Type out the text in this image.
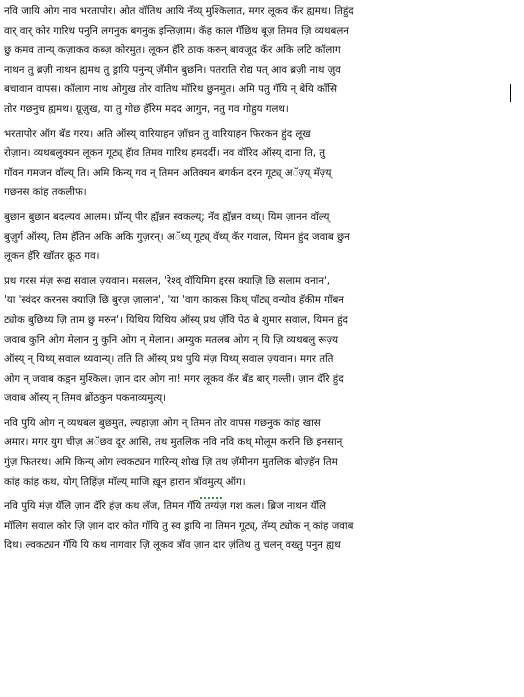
नवि जायि ओग नाव भरतापोर। ओत वॉतिथ आयि नॅव्य् मुश्किलात, मगर लूकव कॅर ह्यमथ। तिहुंद
वार् वार् कोर गारिथ पनुनि लगनुक बगनुक इन्तिज़ाम। कॅह काल गॅछिथ बूज़ तिमव ज़ि व्यथबलन
छु कमव तान्य् कज़ाकव कब्ज़ कोरमुत। लूकन हॅरि ठाक करुन् बावजूद कॅर अकि लटि कॉलाग
नाथन तु ब्रज़ी नाथन ह्यमथ तु ड्रायि पनुन्य् ज़ॅमीन बुछनि। पतराति रोद्य पत् आव ब्रज़ी नाथ ज़ुव
बचावान वापस। कॉलाग नाथ ओगुख तोर वातिथ मॉरिथ छुनमुत। अमि पतु गॅयि न् बेयि काँसि
तोर गछनुच ह्यमथ। ग्रूज़ुख, या तु गोछ हॅरिम मदद आगुन, नतु गव गोहुय गलथ।
भरतापोर ऑग बॅड गरय। अति ऑस्य् वारियाहन ज़ॉच़न तु वारियाहन फिरकन हुंद लूख
रोज़ान। व्यथबलुक्यन लूकन गूट्य् हॅाव तिमव गारिथ हमदर्दी। नव वॉरिद ऑस्य् दाना ति, तु
गॉवन गमजन वॉल्य् ति। अमि किन्य् गव न् तिमन अतिक्यन बगर्कन दरन गूट्य् अॅज़्य् मॅज़्य्
गछनस कांह तकलीफ।
बुछान बुछान बदल्यव आलम। प्रॉन्य् पीर ह्यॅन्नन स्वकल्य्; नॅव ह्यॅन्नन वथ्य्। यिम ज़ानन वॉल्य्
बुज़ुर्ग ऑस्य्, तिम हॅतिन अकि अकि गुज़रन्। अॅथ्य् गूट्य् वॅथ्य् कॅर गवाल, यिमन हुंद जवाब छुन
लूकन हॅरि खॉतर क्रूठ गव।
प्रथ गरस मंज़ रूद्य सवाल ज़्यवान। मसलन, 'रेश्व् वॉयिमिग द्दरस क्याज़ि छि सलाम वनान',
'या 'स्वंदर करनस क्याज़ि छि बुरज़ ज़ालान', 'या 'वाग काकस किथ् पॉट्य् वन्योव हॅकीम गॉबन
ट्योक बुछिथ्य ज़ि ताम छु मरुन'। यिथिय यिथिय ऑस्य् प्रथ ज़ॅवि पेठ बे शुमार सवाल, यिमन हुंद
जवाब कुनि ओग मेलान नु कुनि ओग न् मेलान। अम्युक मतलब ओग न् यि ज़ि व्यथबलु रूज़्य
ऑस्य् न् यिथ्य् सवाल थ्यवान्य्। तति ति ऑस्य् प्रथ पुयि मंज़ यिथ्य् सवाल ज़्यवान। मगर तति
ओग न् जवाब कड़्न मुश्किल। ज़ान दार ओग ना! मगर लूकव कॅर बॅड बार् गल्ती। ज़ान दॅरि हुंद
जवाब ऑस्य् न् तिमव ब्रोंठकुन पकनाव्यमुत्य्।
नवि पुयि ओग न् व्यथबल बुछमुत, ल्यहाज़ा ओग न् तिमन तोर वापस गछनुक कांह खास
अमार। मगर युग चीज़ अॅछव दूर आसि, तथ मुतलिक नवि नवि कथ् मोलूम करनि छि इनसान्
गुंज़ फितरथ। अमि किन्य् ओग ल्वकट्यन गारिन्य् शोख ज़ि तथ ज़ॅमीनग मुतलिक बोज़्हॅन तिम
कांह कांह कथ, योग् तिहिंज़ माॅल्य् माजि ख़ून हारान त्रॉवमुत्य् ऑग।
नवि पुयि मंज़ यॅलि ज़ान दॅरि हंज़ कथ लॅज, तिमन गॅयि तग्यंज़ गश कल। ब्रिज नाथन यॅलि
मॉलिग सवाल कोर ज़ि ज़ान दार कोत गॉयि तु स्व ड्रायि ना तिमन गूट्य्, तॅम्य् ट्योक न् कांह जवाब
दिथ। ल्वकट्यन गॅयि यि कथ नागवार ज़ि लूकव त्रॉव ज़ान दार ज़ंतिथ तु चलन् वख्तु पनुन ह्यथ
